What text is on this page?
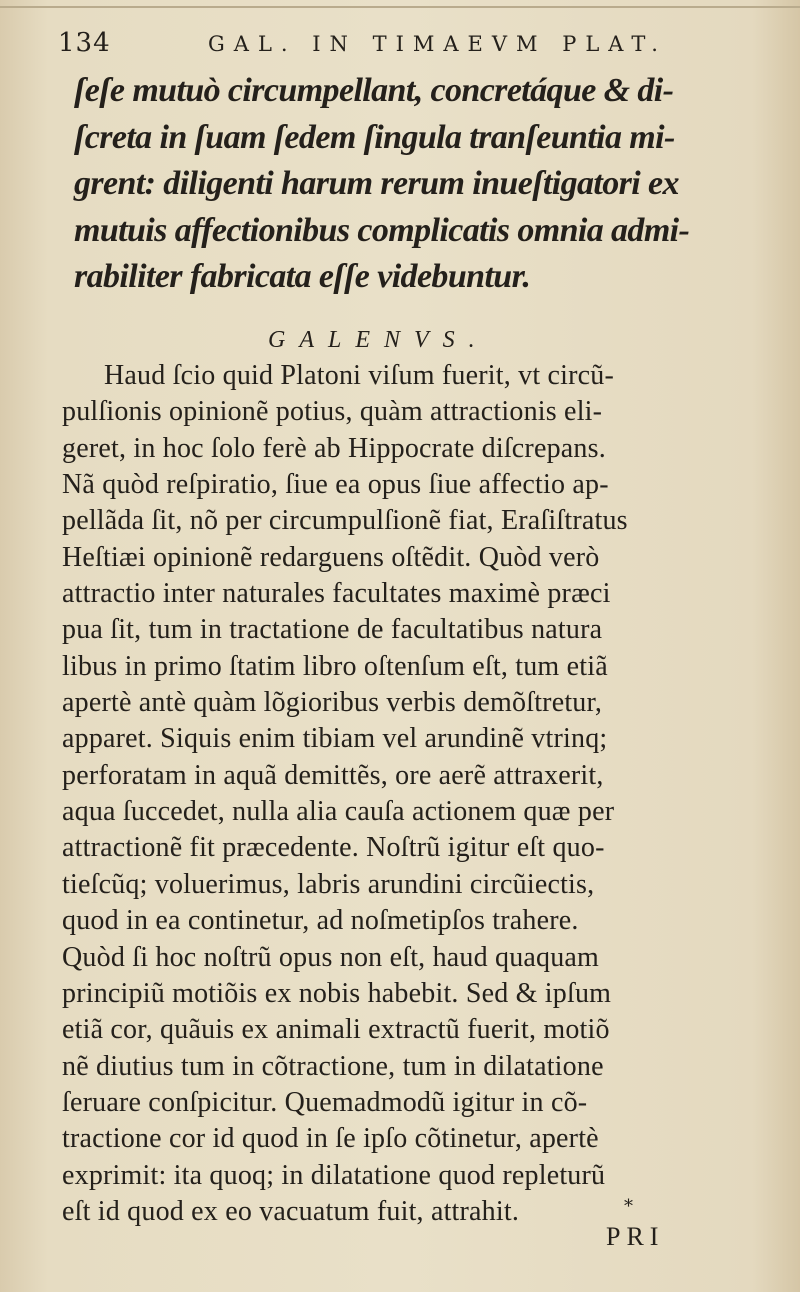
134	GAL. IN TIMAEVM PLAT.
ſeſe mutuò circumpellant, concretáque & di-
ſcreta in ſuam ſedem ſingula tranſeuntia mi-
grent: diligenti harum rerum inueſtigatori ex
mutuis affectionibus complicatis omnia admi-
rabiliter fabricata eſſe videbuntur.
GALENVS.
Haud ſcio quid Platoni viſum fuerit, vt circũ-
pulſionis opinionẽ potius, quàm attractionis eli-
geret, in hoc ſolo ferè ab Hippocrate diſcrepans.
Nã quòd reſpiratio, ſiue ea opus ſiue affectio ap-
pellãda ſit, nõ per circumpulſionẽ fiat, Eraſiſtratus
Heſtiæi opinionẽ redarguens oſtẽdit. Quòd verò
attractio inter naturales facultates maximè præci
pua ſit, tum in tractatione de facultatibus natura
libus in primo ſtatim libro oſtenſum eſt, tum etiã
apertè antè quàm lõgioribus verbis demõſtretur,
apparet. Siquis enim tibiam vel arundinẽ vtrinq;
perforatam in aquã demittẽs, ore aerẽ attraxerit,
aqua ſuccedet, nulla alia cauſa actionem quæ per
attractionẽ fit præcedente. Noſtrũ igitur eſt quo-
tieſcũq; voluerimus, labris arundini circũiectis,
quod in ea continetur, ad noſmetipſos trahere.
Quòd ſi hoc noſtrũ opus non eſt, haud quaquam
principiũ motiõis ex nobis habebit. Sed & ipſum
etiã cor, quãuis ex animali extractũ fuerit, motiõ
nẽ diutius tum in cõtractione, tum in dilatatione
ſeruare conſpicitur. Quemadmodũ igitur in cõ-
tractione cor id quod in ſe ipſo cõtinetur, apertè
exprimit: ita quoq; in dilatatione quod repleturũ
eſt id quod ex eo vacuatum fuit, attrahit.	*
PRI
